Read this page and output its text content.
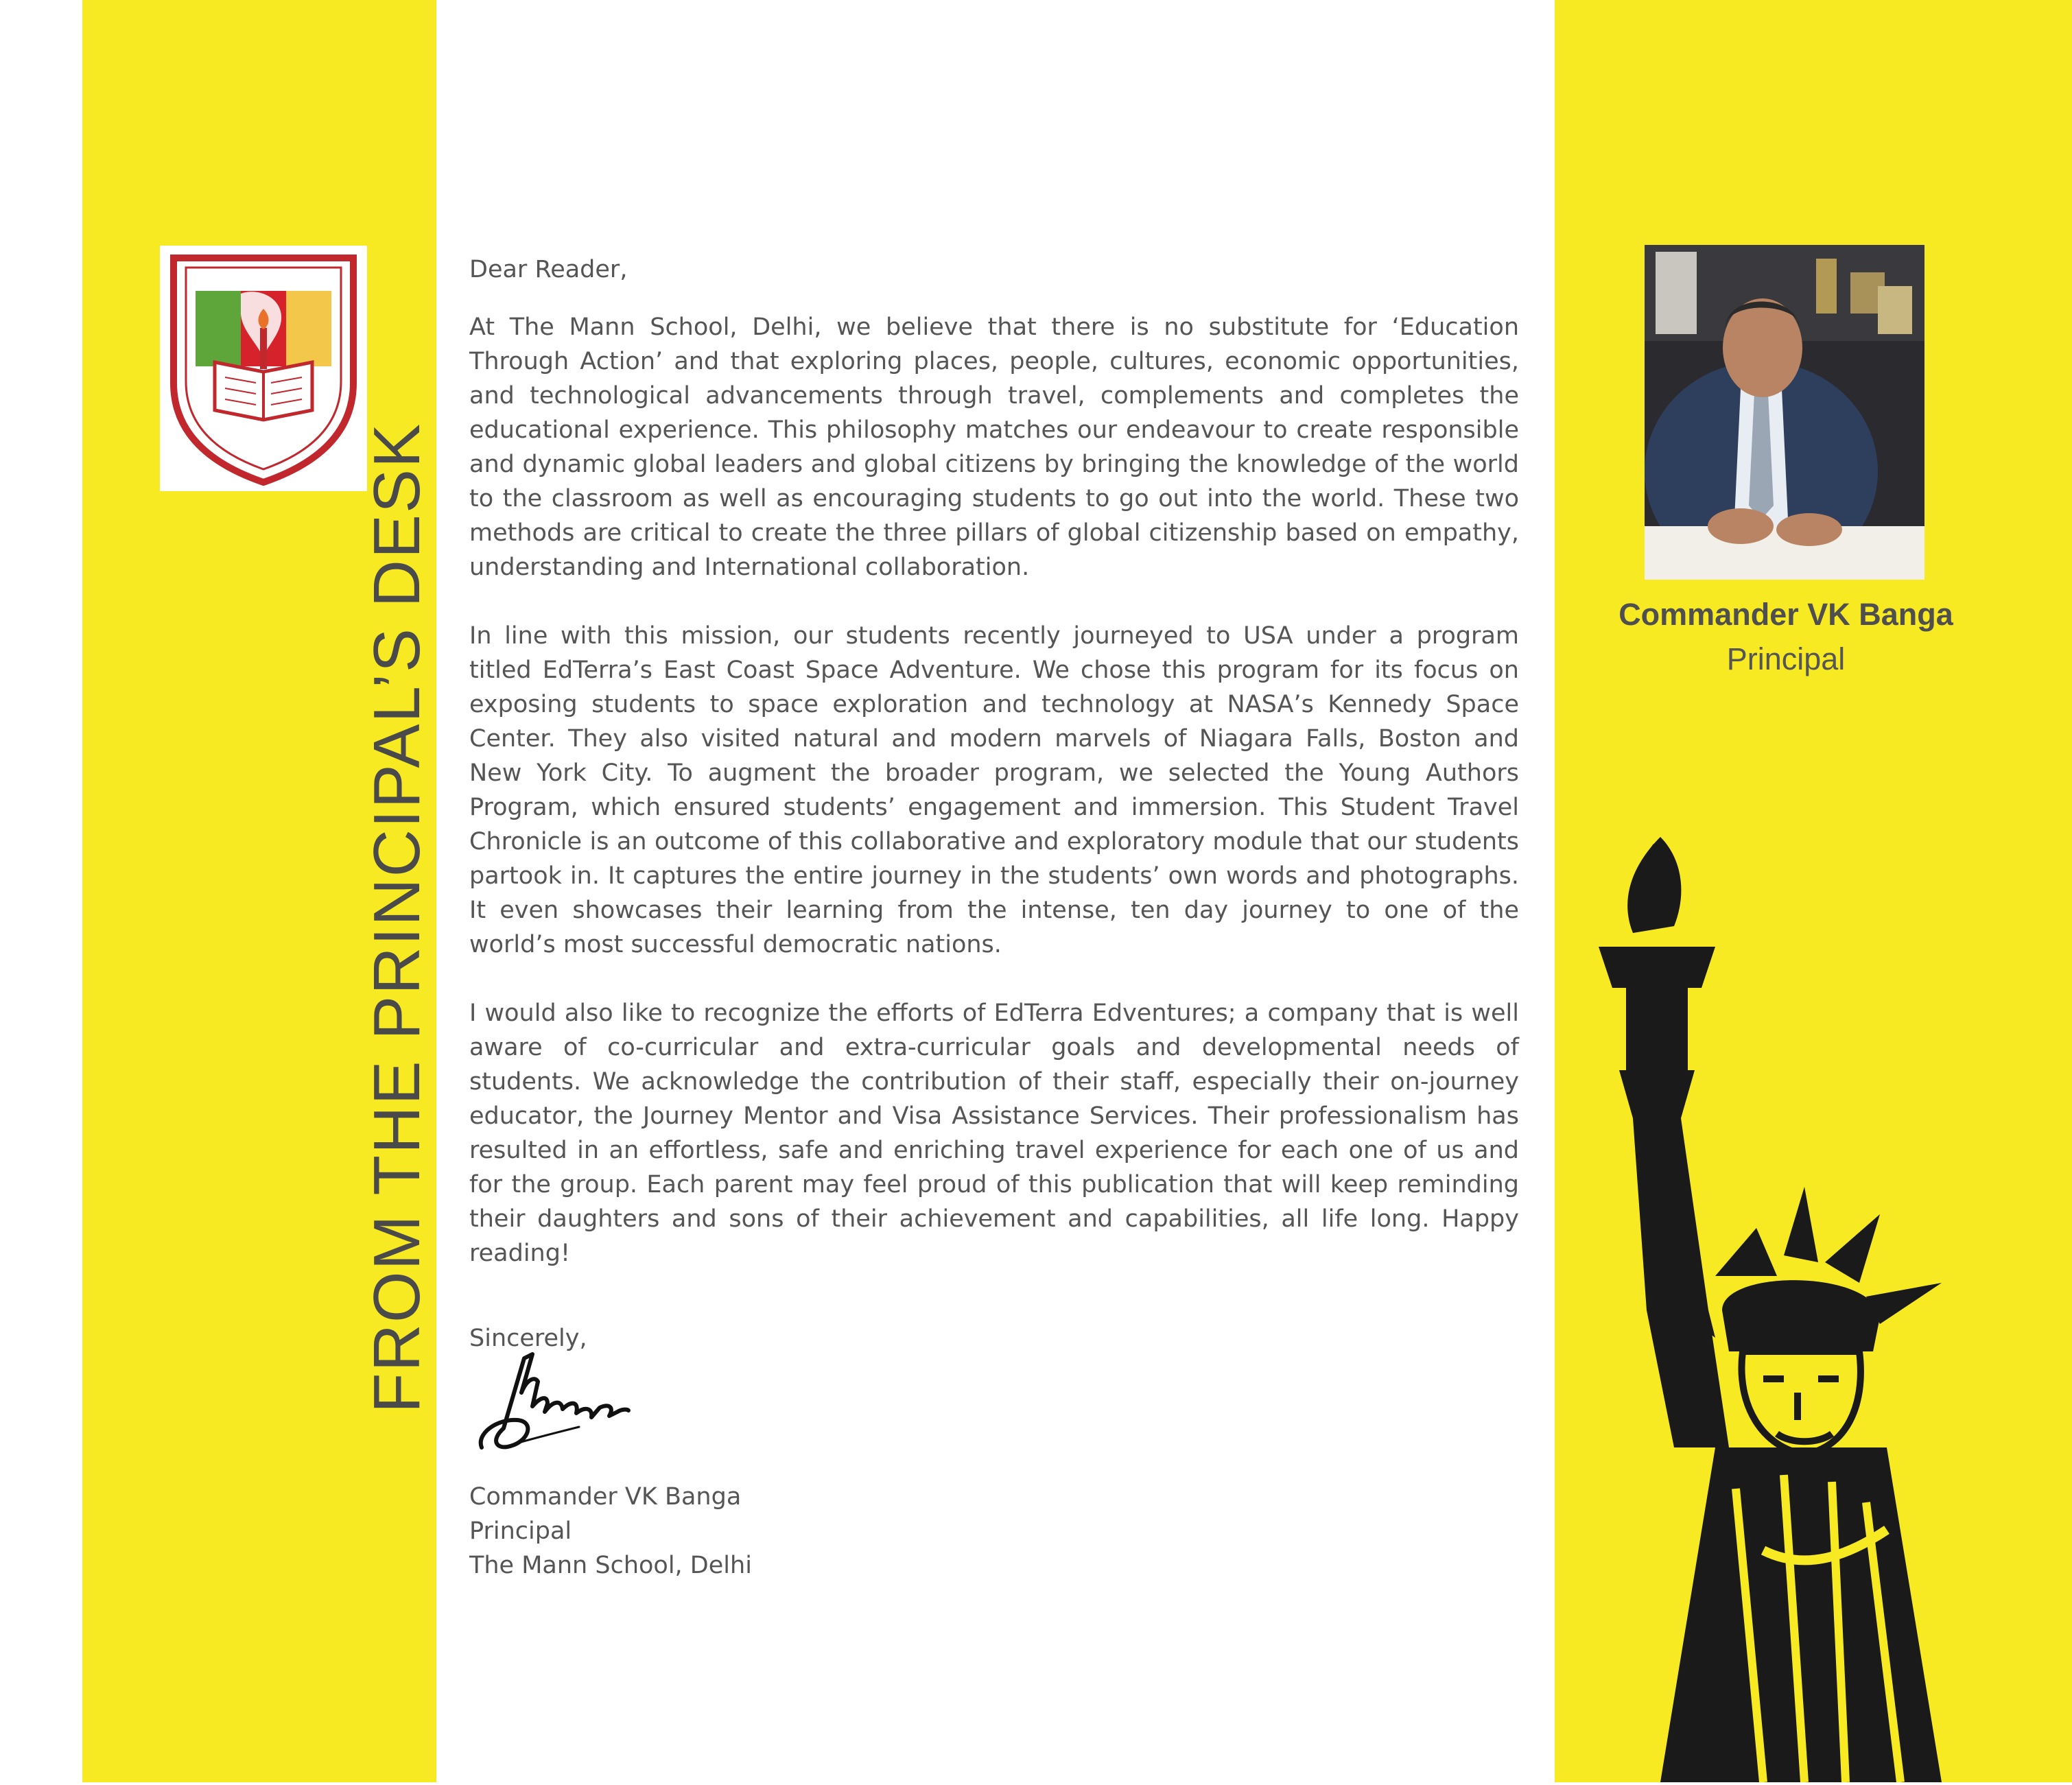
FROM THE PRINCIPAL’S DESK

Dear Reader,

At The Mann School, Delhi, we believe that there is no substitute for ‘Education Through Action’ and that exploring places, people, cultures, economic opportunities, and technological advancements through travel, complements and completes the educational experience. This philosophy matches our endeavour to create responsible and dynamic global leaders and global citizens by bringing the knowledge of the world to the classroom as well as encouraging students to go out into the world. These two methods are critical to create the three pillars of global citizenship based on empathy, understanding and International collaboration.

In line with this mission, our students recently journeyed to USA under a program titled EdTerra’s East Coast Space Adventure. We chose this program for its focus on exposing students to space exploration and technology at NASA’s Kennedy Space Center. They also visited natural and modern marvels of Niagara Falls, Boston and New York City. To augment the broader program, we selected the Young Authors Program, which ensured students’ engagement and immersion. This Student Travel Chronicle is an outcome of this collaborative and exploratory module that our students partook in. It captures the entire journey in the students’ own words and photographs. It even showcases their learning from the intense, ten day journey to one of the world’s most successful democratic nations.

I would also like to recognize the efforts of EdTerra Edventures; a company that is well aware of co-curricular and extra-curricular goals and developmental needs of students. We acknowledge the contribution of their staff, especially their on-journey educator, the Journey Mentor and Visa Assistance Services. Their professionalism has resulted in an effortless, safe and enriching travel experience for each one of us and for the group. Each parent may feel proud of this publication that will keep reminding their daughters and sons of their achievement and capabilities, all life long. Happy reading!

Sincerely,

Commander VK Banga
Principal
The Mann School, Delhi
Commander VK Banga
Principal
